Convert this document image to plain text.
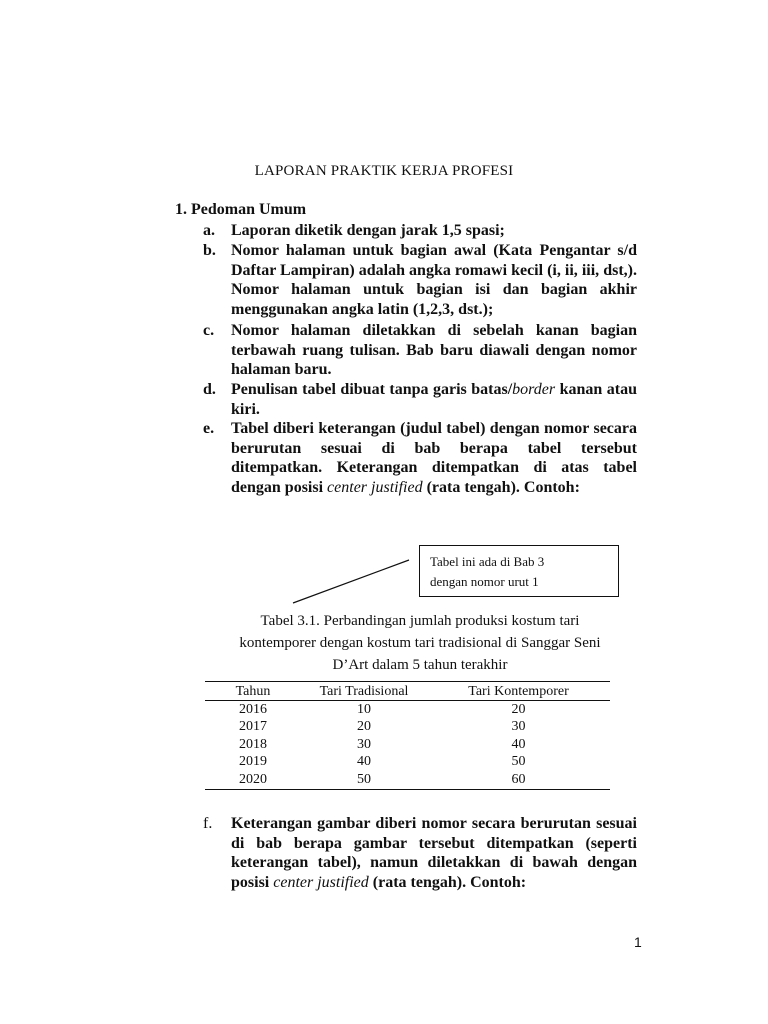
LAPORAN PRAKTIK KERJA PROFESI
1. Pedoman Umum
a. Laporan diketik dengan jarak 1,5 spasi;
b. Nomor halaman untuk bagian awal (Kata Pengantar s/d Daftar Lampiran) adalah angka romawi kecil (i, ii, iii, dst,). Nomor halaman untuk bagian isi dan bagian akhir menggunakan angka latin (1,2,3, dst.);
c. Nomor halaman diletakkan di sebelah kanan bagian terbawah ruang tulisan. Bab baru diawali dengan nomor halaman baru.
d. Penulisan tabel dibuat tanpa garis batas/border kanan atau kiri.
e. Tabel diberi keterangan (judul tabel) dengan nomor secara berurutan sesuai di bab berapa tabel tersebut ditempatkan. Keterangan ditempatkan di atas tabel dengan posisi center justified (rata tengah). Contoh:
Tabel ini ada di Bab 3
dengan nomor urut 1
Tabel 3.1. Perbandingan jumlah produksi kostum tari
kontemporer dengan kostum tari tradisional di Sanggar Seni
D’Art dalam 5 tahun terakhir
Tahun	Tari Tradisional	Tari Kontemporer
2016	10	20
2017	20	30
2018	30	40
2019	40	50
2020	50	60
f. Keterangan gambar diberi nomor secara berurutan sesuai di bab berapa gambar tersebut ditempatkan (seperti keterangan tabel), namun diletakkan di bawah dengan posisi center justified (rata tengah). Contoh:
1
